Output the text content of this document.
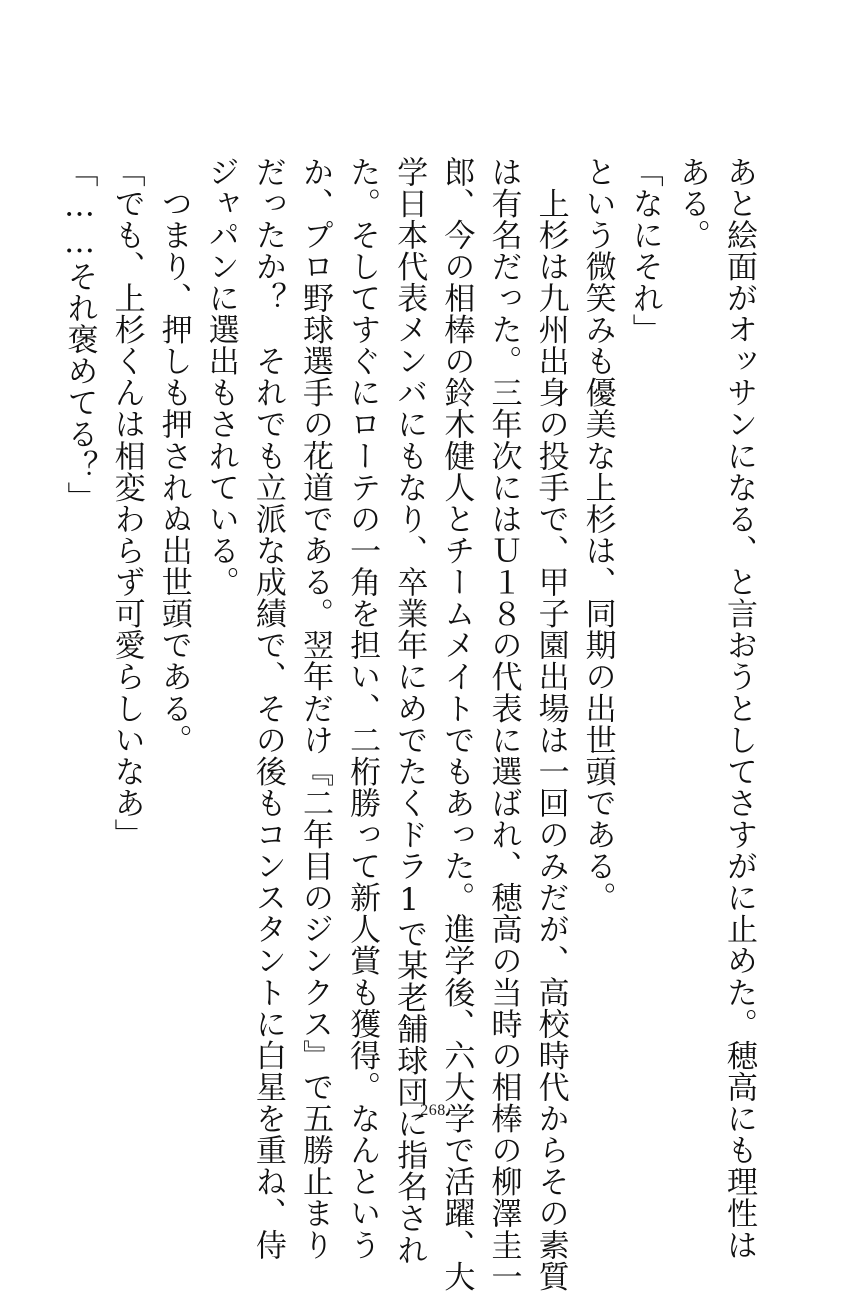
あと絵面がオッサンになる、と言おうとしてさすがに止めた。穂高にも理性は
ある。
「なにそれ」
という微笑みも優美な上杉は、同期の出世頭である。
　上杉は九州出身の投手で、甲子園出場は一回のみだが、高校時代からその素質
は有名だった。三年次にはＵ１８の代表に選ばれ、穂高の当時の相棒の柳澤圭一
郎、今の相棒の鈴木健人とチームメイトでもあった。進学後、六大学で活躍、大
学日本代表メンバにもなり、卒業年にめでたくドラ1で某老舗球団に指名され
た。そしてすぐにローテの一角を担い、二桁勝って新人賞も獲得。なんという
か、プロ野球選手の花道である。翌年だけ『二年目のジンクス』で五勝止まり
だったか？　それでも立派な成績で、その後もコンスタントに白星を重ね、侍
ジャパンに選出もされている。
　つまり、押しも押されぬ出世頭である。
「でも、上杉くんは相変わらず可愛らしいなあ」
「……それ褒めてる？」
268
